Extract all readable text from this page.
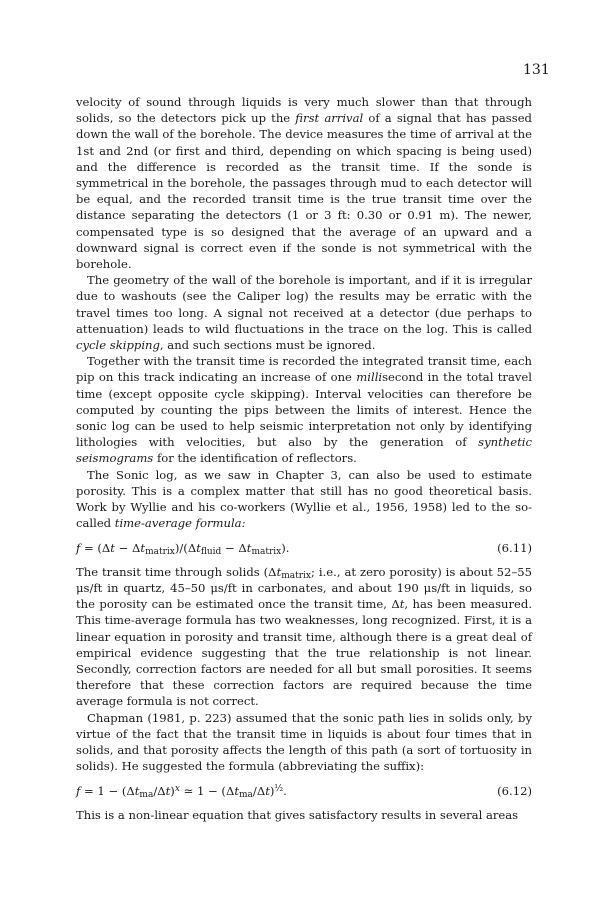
131

velocity of sound through liquids is very much slower than that through solids, so the detectors pick up the first arrival of a signal that has passed down the wall of the borehole. The device measures the time of arrival at the 1st and 2nd (or first and third, depending on which spacing is being used) and the difference is recorded as the transit time. If the sonde is symmetrical in the borehole, the passages through mud to each detector will be equal, and the recorded transit time is the true transit time over the distance separating the detectors (1 or 3 ft: 0.30 or 0.91 m). The newer, compensated type is so designed that the average of an upward and a downward signal is correct even if the sonde is not symmetrical with the borehole.

The geometry of the wall of the borehole is important, and if it is irregular due to washouts (see the Caliper log) the results may be erratic with the travel times too long. A signal not received at a detector (due perhaps to attenuation) leads to wild fluctuations in the trace on the log. This is called cycle skipping, and such sections must be ignored.

Together with the transit time is recorded the integrated transit time, each pip on this track indicating an increase of one millisecond in the total travel time (except opposite cycle skipping). Interval velocities can therefore be computed by counting the pips between the limits of interest. Hence the sonic log can be used to help seismic interpretation not only by identifying lithologies with velocities, but also by the generation of synthetic seismograms for the identification of reflectors.

The Sonic log, as we saw in Chapter 3, can also be used to estimate porosity. This is a complex matter that still has no good theoretical basis. Work by Wyllie and his co-workers (Wyllie et al., 1956, 1958) led to the so-called time-average formula:

$f = (\Delta t - \Delta t_{matrix})/(\Delta t_{fluid} - \Delta t_{matrix})$.	(6.11)

The transit time through solids ($\Delta t_{matrix}$; i.e., at zero porosity) is about 52–55 μs/ft in quartz, 45–50 μs/ft in carbonates, and about 190 μs/ft in liquids, so the porosity can be estimated once the transit time, Δt, has been measured. This time-average formula has two weaknesses, long recognized. First, it is a linear equation in porosity and transit time, although there is a great deal of empirical evidence suggesting that the true relationship is not linear. Secondly, correction factors are needed for all but small porosities. It seems therefore that these correction factors are required because the time average formula is not correct.

Chapman (1981, p. 223) assumed that the sonic path lies in solids only, by virtue of the fact that the transit time in liquids is about four times that in solids, and that porosity affects the length of this path (a sort of tortuosity in solids). He suggested the formula (abbreviating the suffix):

$f = 1 - (\Delta t_{ma}/\Delta t)^x$ ≃ $1 - (\Delta t_{ma}/\Delta t)^{\frac{1}{2}}$.	(6.12)

This is a non-linear equation that gives satisfactory results in several areas
